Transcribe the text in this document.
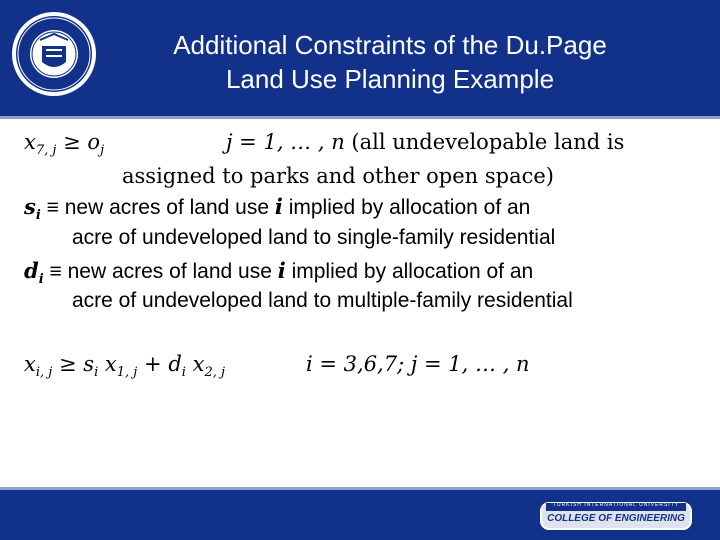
Additional Constraints of the Du.Page
Land Use Planning Example
$x_{7, j} \ge o_j$	j = 1, … , n (all undevelopable land is
assigned to parks and other open space)
$s_i$ ≡ new acres of land use i implied by allocation of an
acre of undeveloped land to single-family residential
$d_i$ ≡ new acres of land use i implied by allocation of an
acre of undeveloped land to multiple-family residential
$x_{i, j} \ge s_i$ $x_{1, j} + d_i$ $x_{2, j}$	i = 3,6,7; j = 1, … , n
TURKISH INTERNATIONAL UNIVERSITY
COLLEGE OF ENGINEERING
